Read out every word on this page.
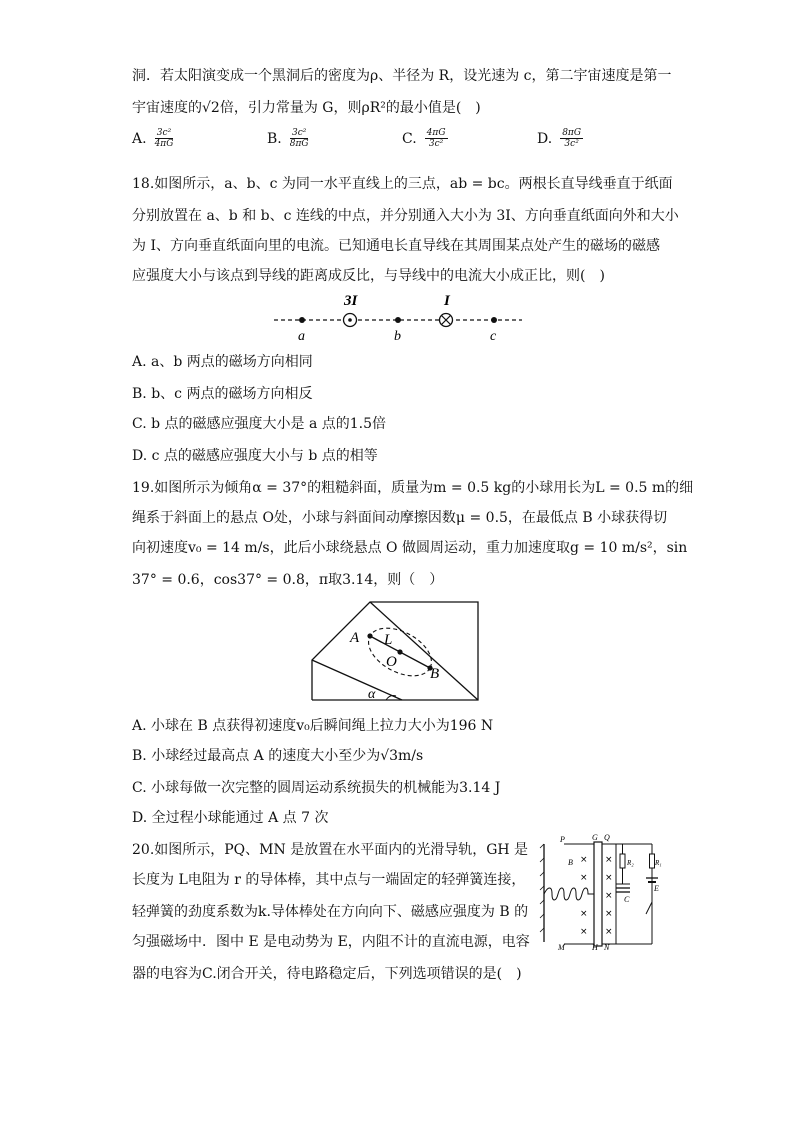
洞．若太阳演变成一个黑洞后的密度为ρ、半径为 R，设光速为 c，第二宇宙速度是第一
宇宙速度的√2倍，引力常量为 G，则ρR²的最小值是(　)
A. $\frac{\text{3c²}}{4\pi G}$	B. $\frac{\text{3c²}}{8\pi G}$	C. $\frac{4\pi G}{\text{3c²}}$	D. $\frac{8\pi G}{\text{3c²}}$
18.如图所示，a、b、c 为同一水平直线上的三点，ab = bc。两根长直导线垂直于纸面
分别放置在 a、b 和 b、c 连线的中点，并分别通入大小为 3I、方向垂直纸面向外和大小
为 I、方向垂直纸面向里的电流。已知通电长直导线在其周围某点处产生的磁场的磁感
应强度大小与该点到导线的距离成反比，与导线中的电流大小成正比，则(　)
3I	I
a	b	c
A. a、b 两点的磁场方向相同
B. b、c 两点的磁场方向相反
C. b 点的磁感应强度大小是 a 点的1.5倍
D. c 点的磁感应强度大小与 b 点的相等
19.如图所示为倾角α = 37°的粗糙斜面，质量为m = 0.5 kg的小球用长为L = 0.5 m的细
绳系于斜面上的悬点 O处，小球与斜面间动摩擦因数μ = 0.5，在最低点 B 小球获得切
向初速度v₀ = 14 m/s，此后小球绕悬点 O 做圆周运动，重力加速度取g = 10 m/s²，sin
37° = 0.6，cos37° = 0.8，π取3.14，则（　）
A L
O
B
α
A. 小球在 B 点获得初速度v₀后瞬间绳上拉力大小为196 N
B. 小球经过最高点 A 的速度大小至少为√3m/s
C. 小球每做一次完整的圆周运动系统损失的机械能为3.14 J
D. 全过程小球能通过 A 点 7 次
20.如图所示，PQ、MN 是放置在水平面内的光滑导轨，GH 是
长度为 L电阻为 r 的导体棒，其中点与一端固定的轻弹簧连接，
轻弹簧的劲度系数为k.导体棒处在方向向下、磁感应强度为 B 的
匀强磁场中．图中 E 是电动势为 E，内阻不计的直流电源，电容
器的电容为C.闭合开关，待电路稳定后，下列选项错误的是(　)
×
×
×
×
×
×
×
×
×
P	G Q
B	R₂	R₁
E
C
M	H N
